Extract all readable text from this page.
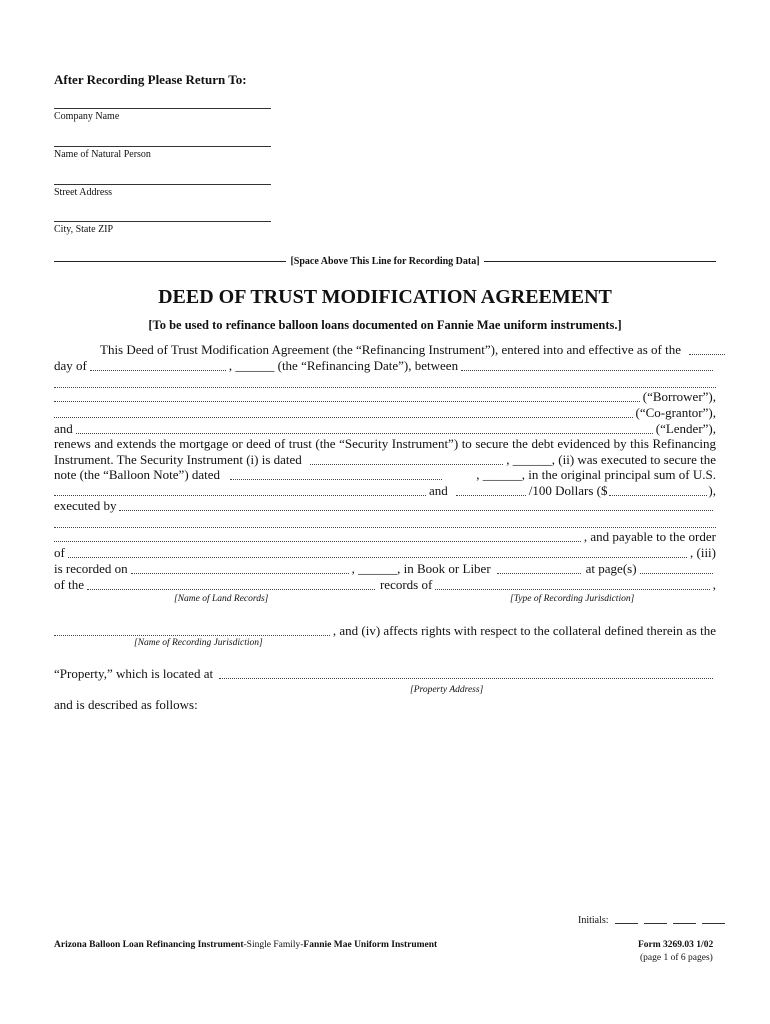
After Recording Please Return To:
Company Name
Name of Natural Person
Street Address
City, State ZIP
[Space Above This Line for Recording Data]
DEED OF TRUST MODIFICATION AGREEMENT
[To be used to refinance balloon loans documented on Fannie Mae uniform instruments.]
This Deed of Trust Modification Agreement (the “Refinancing Instrument”), entered into and effective as of the
day of	, ______ (the “Refinancing Date”), between
(“Borrower”),
(“Co-grantor”),
and	(“Lender”),
renews and extends the mortgage or deed of trust (the “Security Instrument”) to secure the debt evidenced by this Refinancing
Instrument. The Security Instrument (i) is dated	, ______, (ii) was executed to secure the
note (the “Balloon Note”) dated	, ______, in the original principal sum of U.S.
and	/100 Dollars ($	),
executed by
, and payable to the order
of	, (iii)
is recorded on	, ______, in Book or Liber	at page(s)
of the	records of	,
[Name of Land Records]	[Type of Recording Jurisdiction]
, and (iv) affects rights with respect to the collateral defined therein as the
[Name of Recording Jurisdiction]
“Property,” which is located at
[Property Address]
and is described as follows:
Initials:
Arizona Balloon Loan Refinancing Instrument-Single Family-Fannie Mae Uniform Instrument	Form 3269.03 1/02
(page 1 of 6 pages)
